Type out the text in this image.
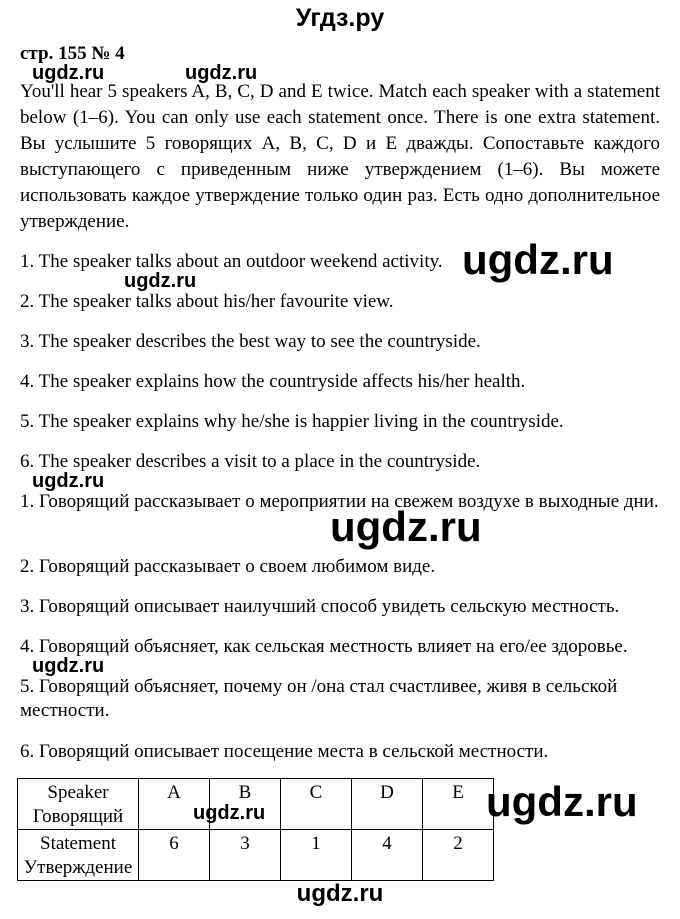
Угдз.ру
стр. 155 № 4
You'll hear 5 speakers A, B, C, D and E twice. Match each speaker with a statement below (1–6). You can only use each statement once. There is one extra statement. Вы услышите 5 говорящих A, B, C, D и E дважды. Сопоставьте каждого выступающего с приведенным ниже утверждением (1–6). Вы можете использовать каждое утверждение только один раз. Есть одно дополнительное утверждение.
1. The speaker talks about an outdoor weekend activity.
2. The speaker talks about his/her favourite view.
3. The speaker describes the best way to see the countryside.
4. The speaker explains how the countryside affects his/her health.
5. The speaker explains why he/she is happier living in the countryside.
6. The speaker describes a visit to a place in the countryside.
1. Говорящий рассказывает о мероприятии на свежем воздухе в выходные дни.
2. Говорящий рассказывает о своем любимом виде.
3. Говорящий описывает наилучший способ увидеть сельскую местность.
4. Говорящий объясняет, как сельская местность влияет на его/ее здоровье.
5. Говорящий объясняет, почему он /она стал счастливее, живя в сельской местности.
6. Говорящий описывает посещение места в сельской местности.
Speaker
Говорящий	A	B	C	D	E

Statement
Утверждение	6	3	1	4	2
ugdz.ru	ugdz.ru
ugdz.ru
ugdz.ru
ugdz.ru
ugdz.ru
ugdz.ru
ugdz.ru	ugdz.ru
ugdz.ru
